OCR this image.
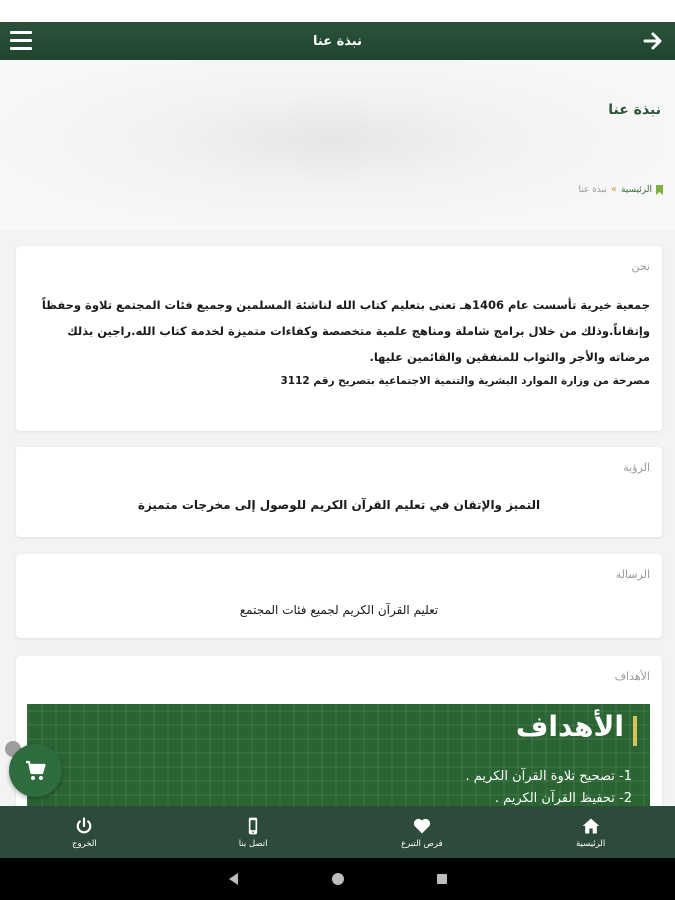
نبذة عنا
نبذة عنا
الرئيسية
»
نبذة عنا
نحن

جمعية خيرية تأسست عام 1406هـ تعنى بتعليم كتاب الله لناشئة المسلمين وجميع فئات المجتمع تلاوة وحفظاً وإتقاناً.وذلك من خلال برامج شاملة ومناهج علمية متخصصة وكفاءات متميزة لخدمة كتاب الله.راجين بذلك مرضاته والأجر والثواب للمنفقين والقائمين عليها.

مصرحة من وزارة الموارد البشرية والتنمية الاجتماعية بتصريح رقم 3112

الرؤية
التميز والإتقان في تعليم القرآن الكريم للوصول إلى مخرجات متميزة
الرسالة
تعليم القرآن الكريم لجميع فئات المجتمع
الأهداف
الأهداف
1- تصحيح تلاوة القرآن الكريم .
2- تحفيظ القرآن الكريم .
الخروج	اتصل بنا	فرص التبرع	الرئيسية
